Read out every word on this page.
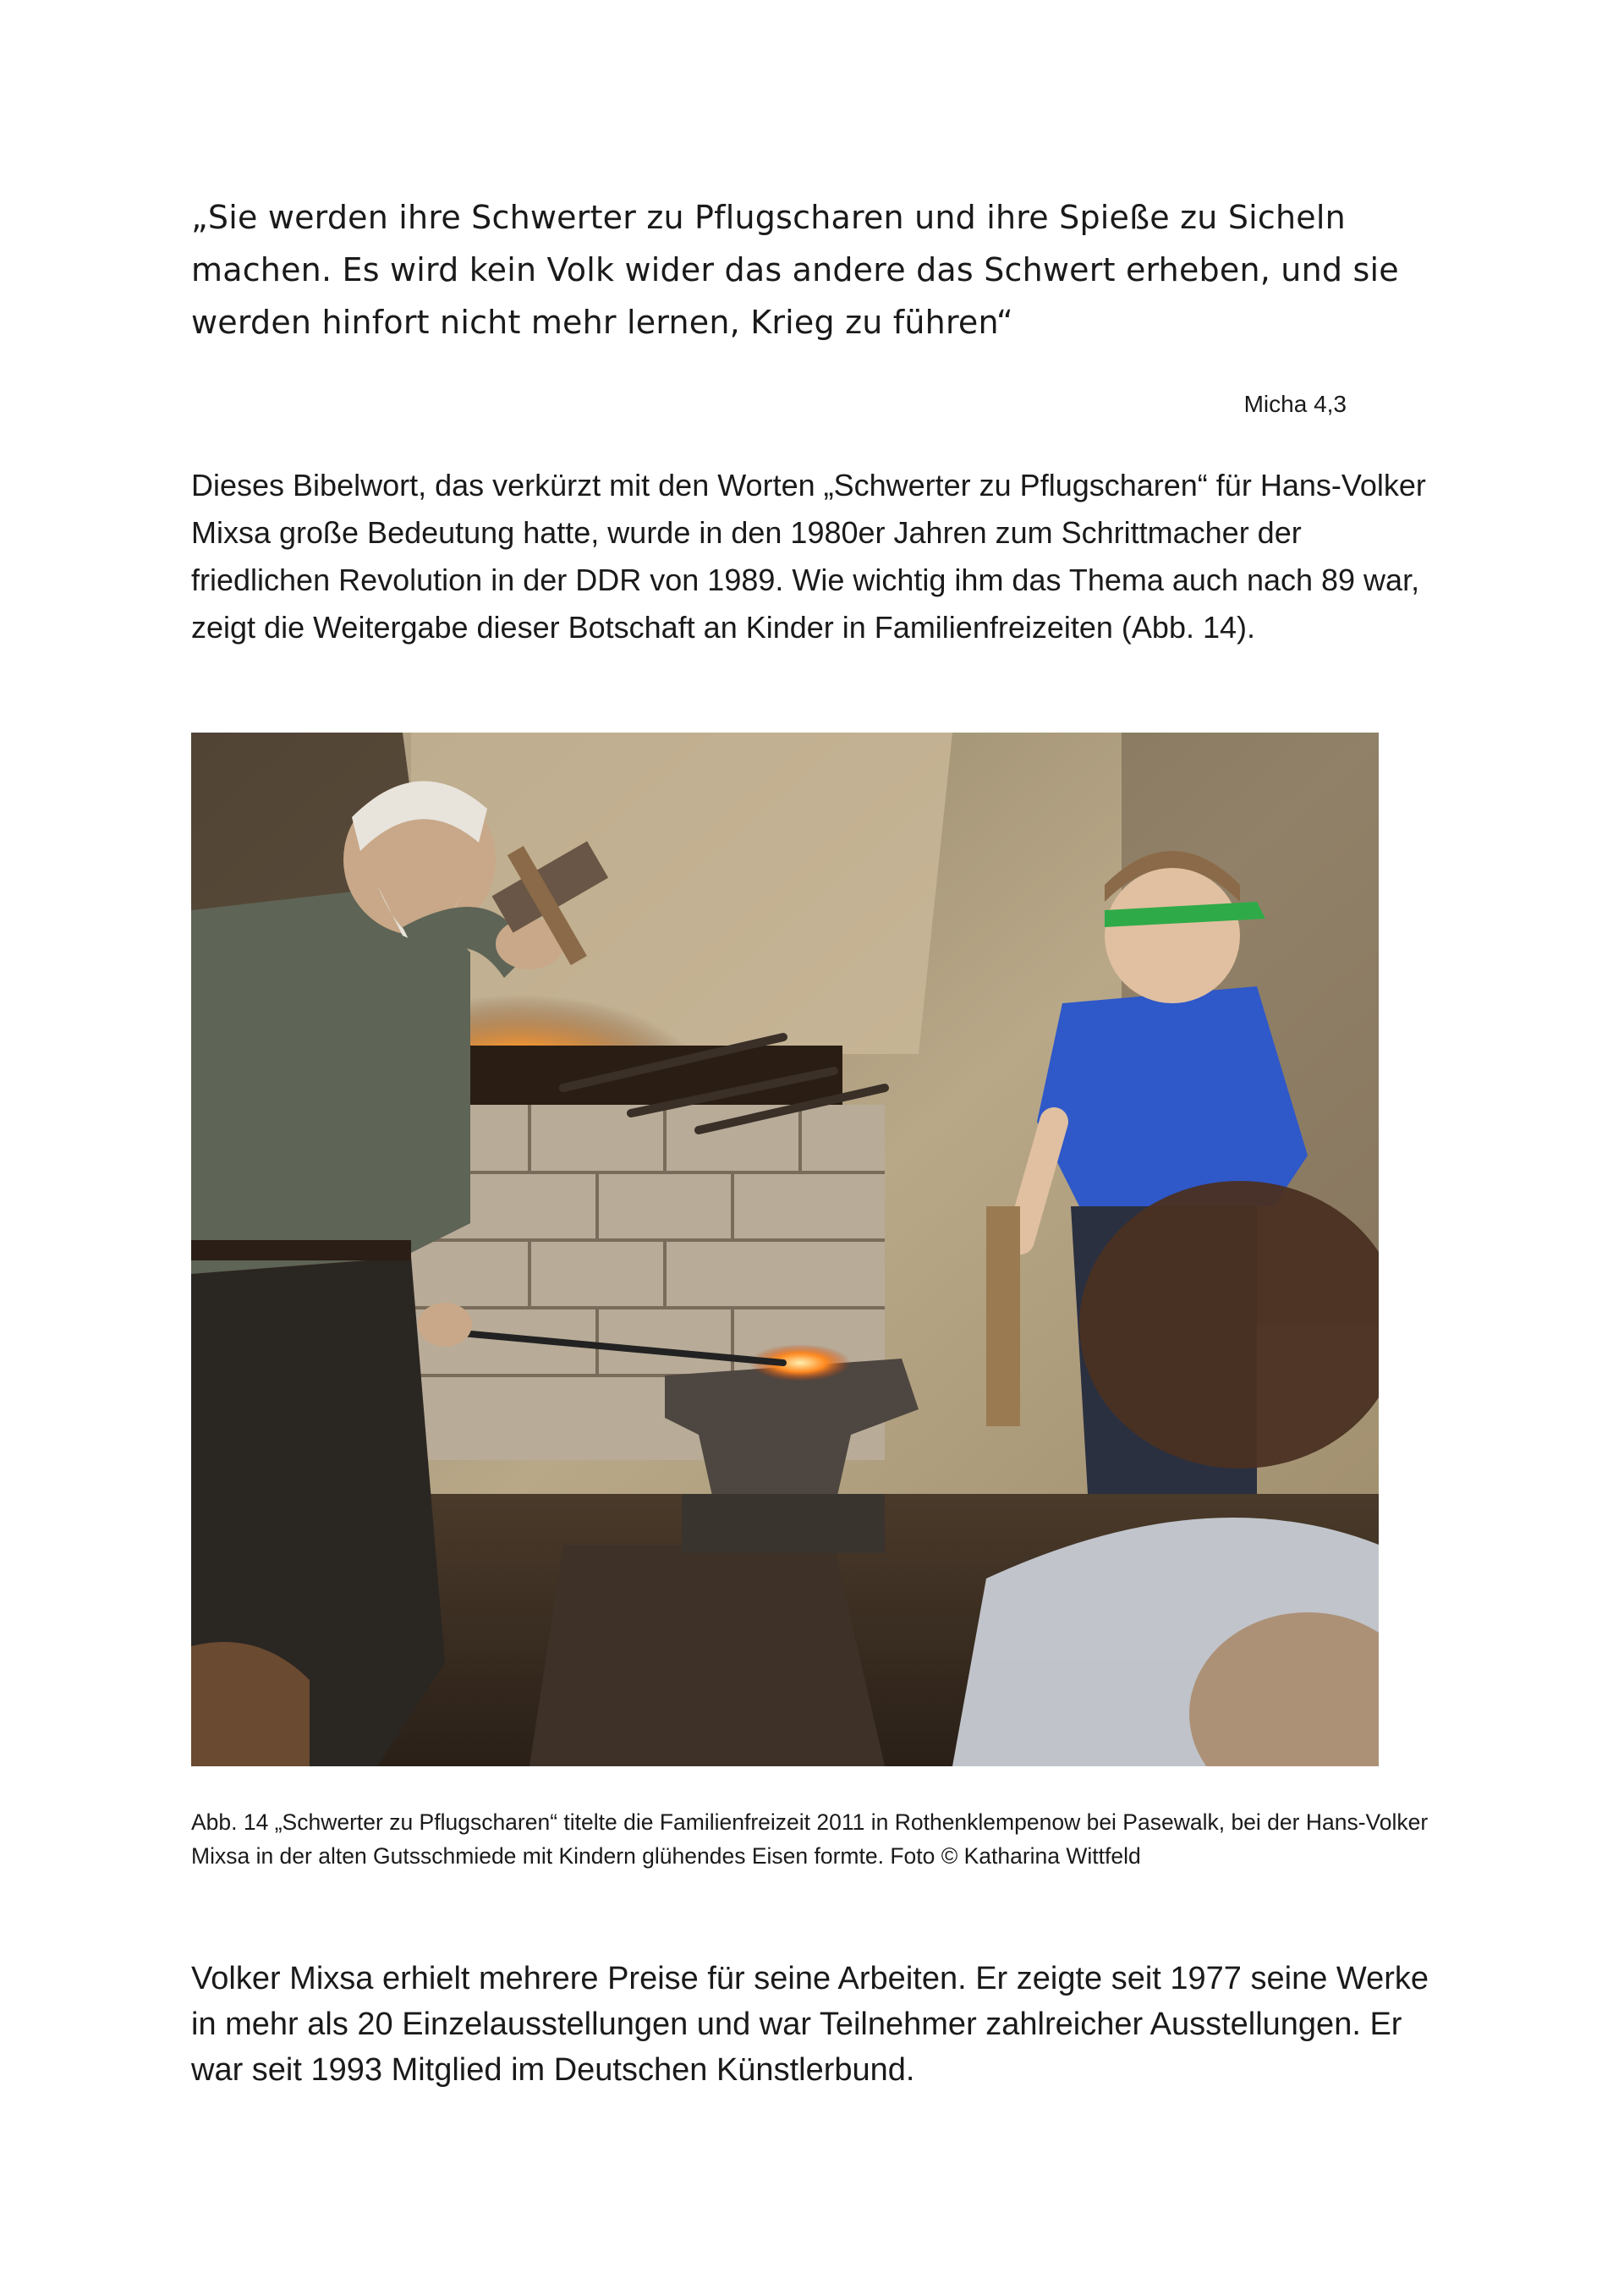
„Sie werden ihre Schwerter zu Pflugscharen und ihre Spieße zu Sicheln machen. Es wird kein Volk wider das andere das Schwert erheben, und sie werden hinfort nicht mehr lernen, Krieg zu führen“

Micha 4,3

Dieses Bibelwort, das verkürzt mit den Worten „Schwerter zu Pflugscharen“ für Hans-Volker Mixsa große Bedeutung hatte, wurde in den 1980er Jahren zum Schrittmacher der friedlichen Revolution in der DDR von 1989. Wie wichtig ihm das Thema auch nach 89 war, zeigt die Weitergabe dieser Botschaft an Kinder in Familienfreizeiten (Abb. 14).

Abb. 14 „Schwerter zu Pflugscharen“ titelte die Familienfreizeit 2011 in Rothenklempenow bei Pasewalk, bei der Hans-Volker Mixsa in der alten Gutsschmiede mit Kindern glühendes Eisen formte. Foto © Katharina Wittfeld

Volker Mixsa erhielt mehrere Preise für seine Arbeiten. Er zeigte seit 1977 seine Werke in mehr als 20 Einzelausstellungen und war Teilnehmer zahlreicher Ausstellungen. Er war seit 1993 Mitglied im Deutschen Künstlerbund.
